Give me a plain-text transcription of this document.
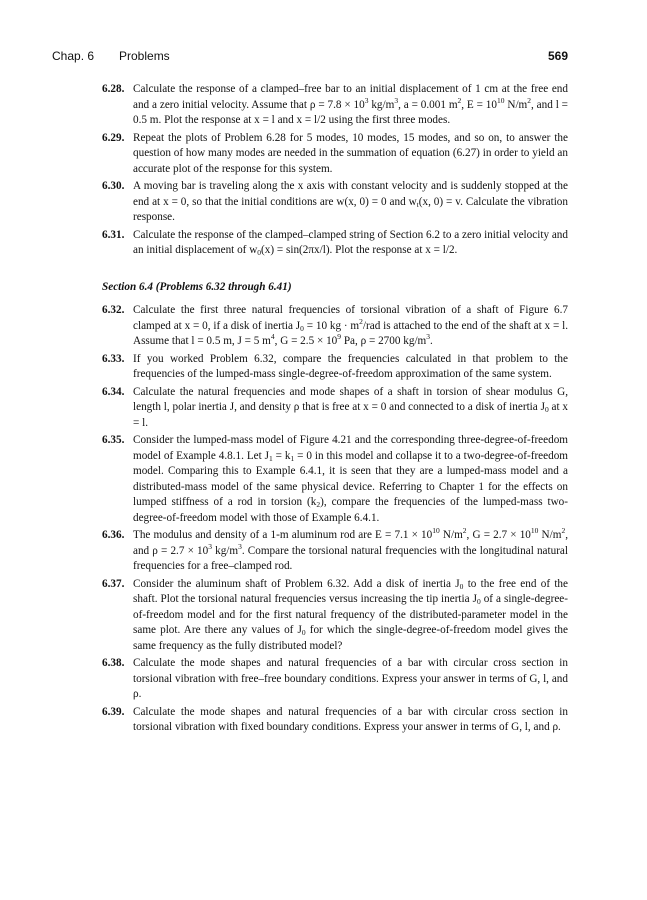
Chap. 6 Problems	569
6.28. Calculate the response of a clamped–free bar to an initial displacement of 1 cm at the free end and a zero initial velocity. Assume that $\rho = 7.8 \times 10^3$ $kg/m^3$, a = 0.001 $m^2$, $E = 10^{10}$ $N/m^2$, and l = 0.5 m. Plot the response at x = l and x = l/2 using the first three modes.
6.29. Repeat the plots of Problem 6.28 for 5 modes, 10 modes, 15 modes, and so on, to answer the question of how many modes are needed in the summation of equation (6.27) in order to yield an accurate plot of the response for this system.
6.30. A moving bar is traveling along the x axis with constant velocity and is suddenly stopped at the end at x = 0, so that the initial conditions are w(x, 0) = 0 and $w_t(x$, 0) = v. Calculate the vibration response.
6.31. Calculate the response of the clamped–clamped string of Section 6.2 to a zero initial velocity and an initial displacement of $w_0(x) = \sin(2\pi x/l)$. Plot the response at x = l/2.
Section 6.4 (Problems 6.32 through 6.41)
6.32. Calculate the first three natural frequencies of torsional vibration of a shaft of Figure 6.7 clamped at x = 0, if a disk of inertia $J_0 = 10$ kg · $m^2$/rad is attached to the end of the shaft at x = l. Assume that l = 0.5 m, J = 5 $m^4$, $G = 2.5 \times 10^9$ Pa, ρ = 2700 $kg/m^3$.
6.33. If you worked Problem 6.32, compare the frequencies calculated in that problem to the frequencies of the lumped-mass single-degree-of-freedom approximation of the same system.
6.34. Calculate the natural frequencies and mode shapes of a shaft in torsion of shear modulus G, length l, polar inertia J, and density ρ that is free at x = 0 and connected to a disk of inertia $J_0$ at x = l.
6.35. Consider the lumped-mass model of Figure 4.21 and the corresponding three-degree-of-freedom model of Example 4.8.1. Let $J_1 = k_1 = 0$ in this model and collapse it to a two-degree-of-freedom model. Comparing this to Example 6.4.1, it is seen that they are a lumped-mass model and a distributed-mass model of the same physical device. Referring to Chapter 1 for the effects on lumped stiffness of a rod in torsion $(k_2)$, compare the frequencies of the lumped-mass two-degree-of-freedom model with those of Example 6.4.1.
6.36. The modulus and density of a 1-m aluminum rod are $E = 7.1 \times 10^{10}$ $N/m^2$, $G = 2.7 \times 10^{10}$ $N/m^2$, and $\rho = 2.7 \times 10^3$ $kg/m^3$. Compare the torsional natural frequencies with the longitudinal natural frequencies for a free–clamped rod.
6.37. Consider the aluminum shaft of Problem 6.32. Add a disk of inertia $J_0$ to the free end of the shaft. Plot the torsional natural frequencies versus increasing the tip inertia $J_0$ of a single-degree-of-freedom model and for the first natural frequency of the distributed-parameter model in the same plot. Are there any values of $J_0$ for which the single-degree-of-freedom model gives the same frequency as the fully distributed model?
6.38. Calculate the mode shapes and natural frequencies of a bar with circular cross section in torsional vibration with free–free boundary conditions. Express your answer in terms of G, l, and ρ.
6.39. Calculate the mode shapes and natural frequencies of a bar with circular cross section in torsional vibration with fixed boundary conditions. Express your answer in terms of G, l, and ρ.
